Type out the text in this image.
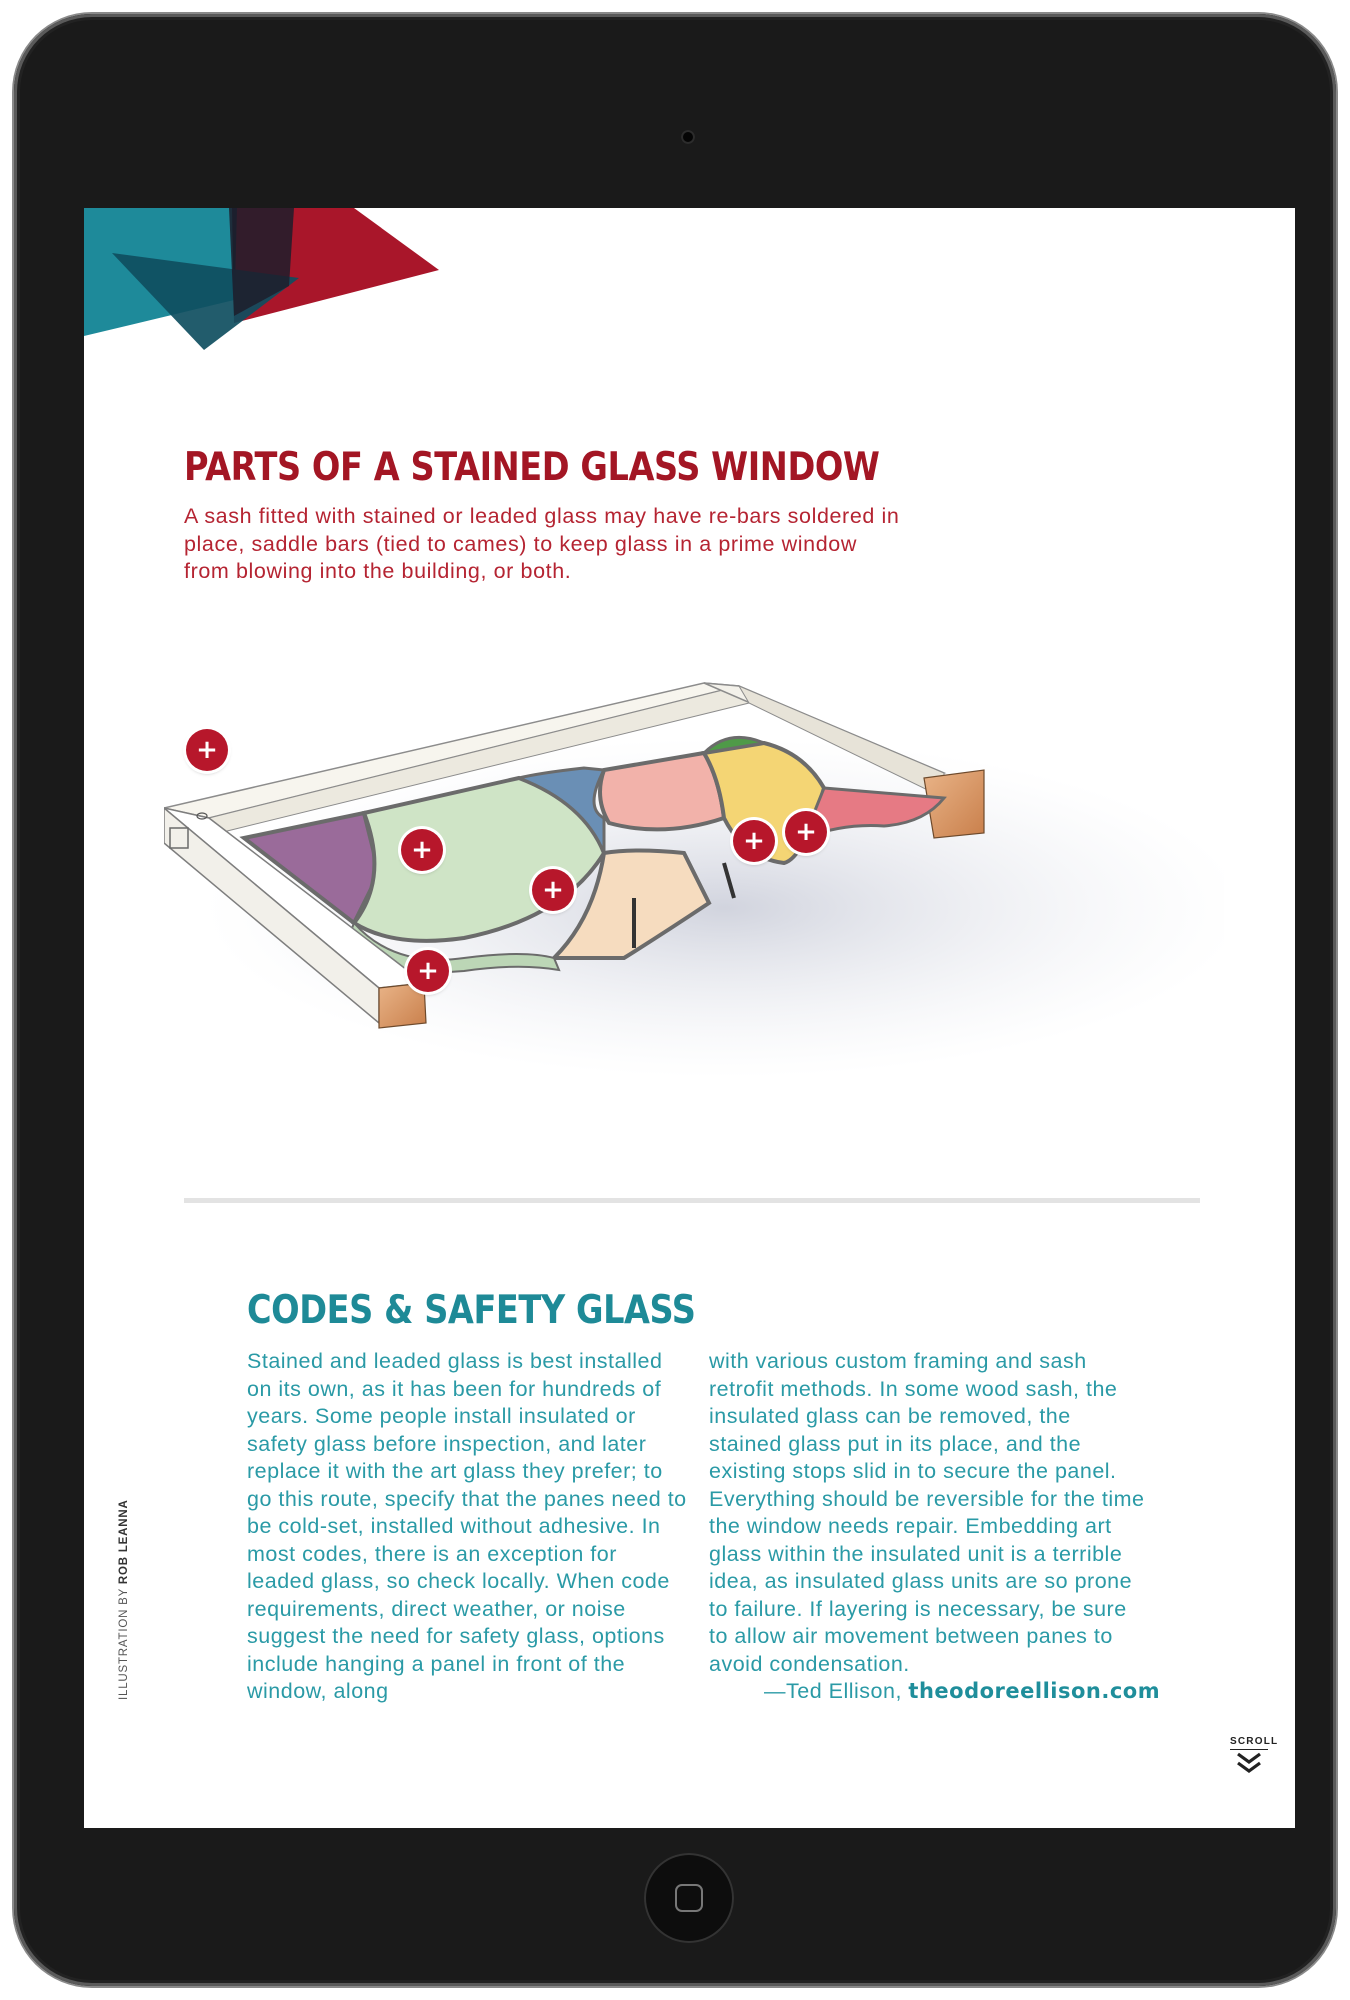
PARTS OF A STAINED GLASS WINDOW

A sash fitted with stained or leaded glass may have re-bars soldered in place, saddle bars (tied to cames) to keep glass in a prime window from blowing into the building, or both.

+
+
+
+
+	+
CODES & SAFETY GLASS

Stained and leaded glass is best installed on its own, as it has been for hundreds of years. Some people install insulated or safety glass before inspection, and later replace it with the art glass they prefer; to go this route, specify that the panes need to be cold-set, installed without adhesive. In most codes, there is an exception for leaded glass, so check locally. When code requirements, direct weather, or noise suggest the need for safety glass, options include hanging a panel in front of the window, along

with various custom framing and sash retrofit methods. In some wood sash, the insulated glass can be removed, the stained glass put in its place, and the existing stops slid in to secure the panel. Everything should be reversible for the time the window needs repair. Embedding art glass within the insulated unit is a terrible idea, as insulated glass units are so prone to failure. If layering is necessary, be sure to allow air movement between panes to avoid condensation.

—Ted Ellison, theodoreellison.com

ILLUSTRATION BY ROB LEANNA
SCROLL
